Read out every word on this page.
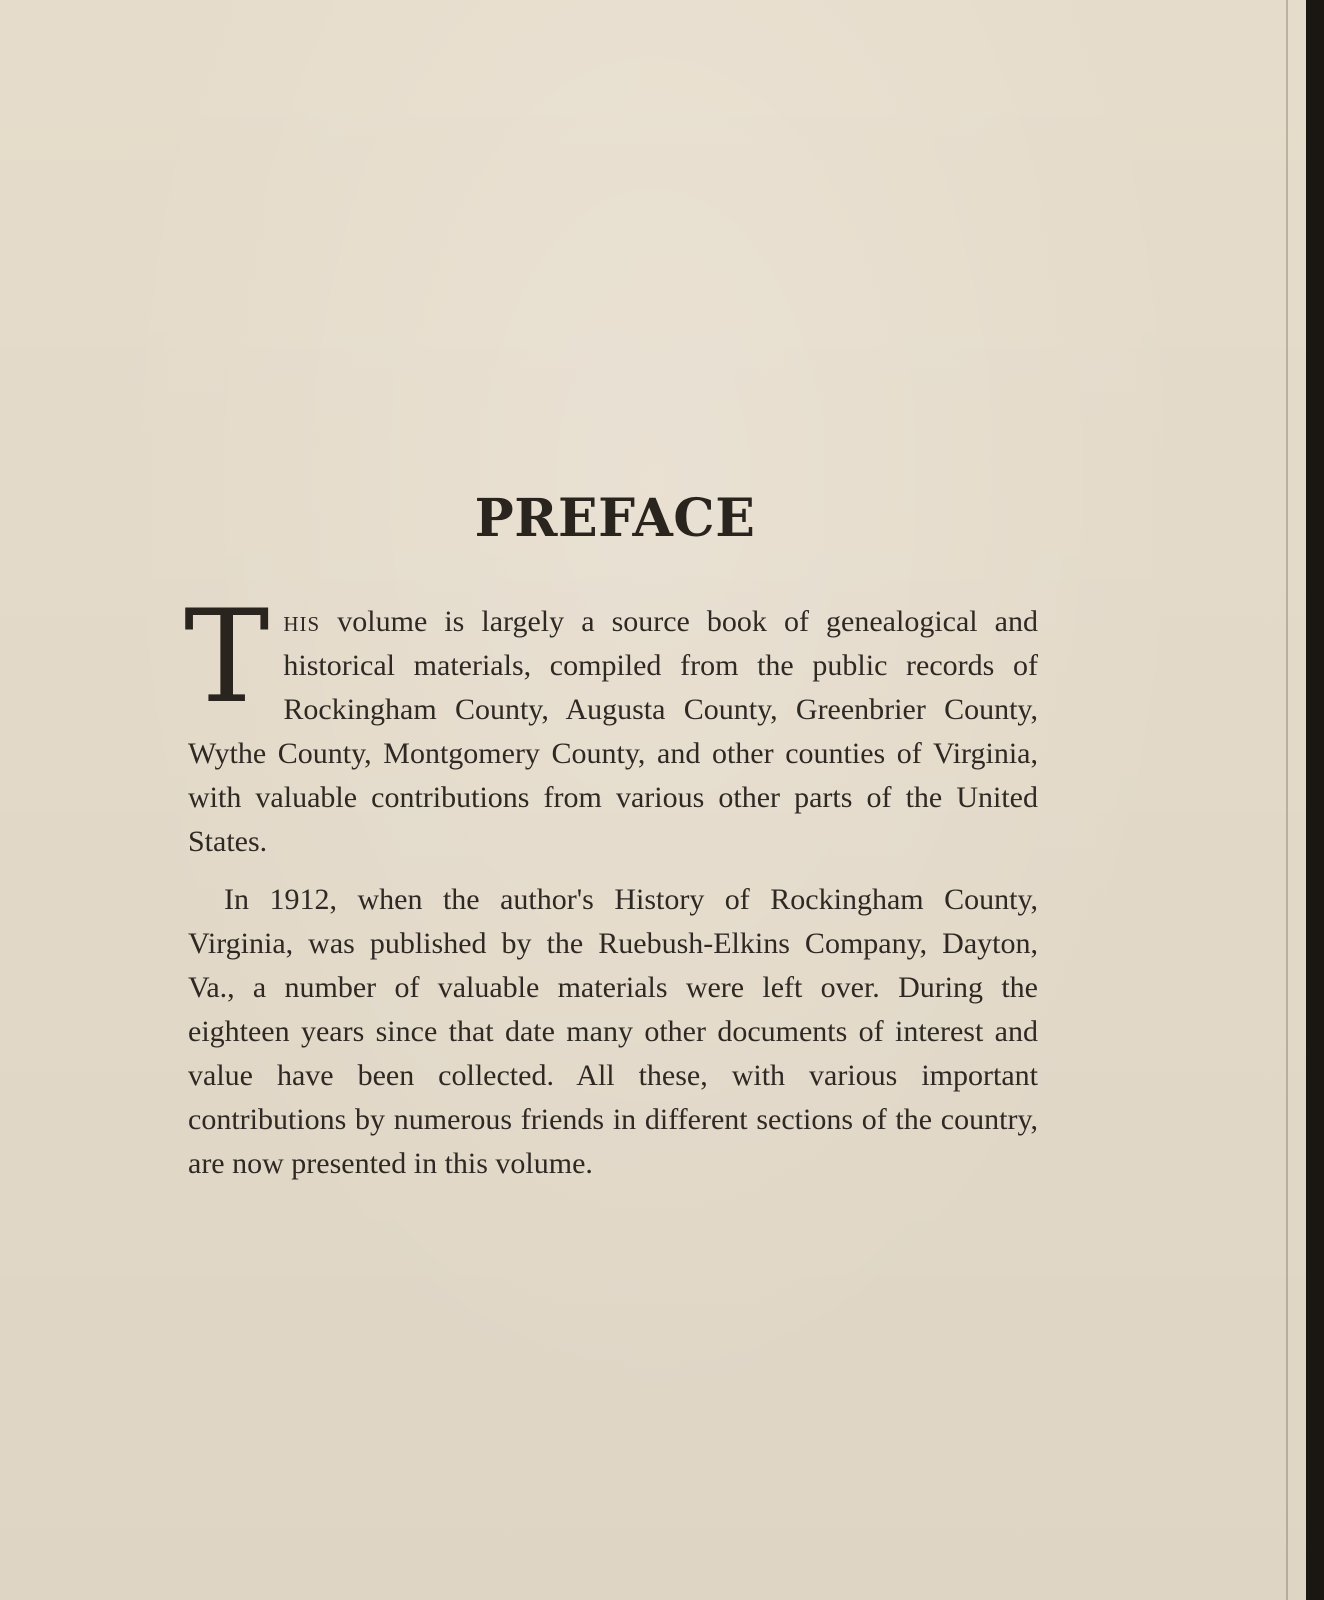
PREFACE

This volume is largely a source book of genealogical and historical materials, compiled from the public records of Rockingham County, Augusta County, Greenbrier County, Wythe County, Montgomery County, and other counties of Virginia, with valuable contributions from various other parts of the United States.

In 1912, when the author's History of Rockingham County, Virginia, was published by the Ruebush-Elkins Company, Dayton, Va., a number of valuable materials were left over. During the eighteen years since that date many other documents of interest and value have been collected. All these, with various important contributions by numerous friends in different sections of the country, are now presented in this volume.
